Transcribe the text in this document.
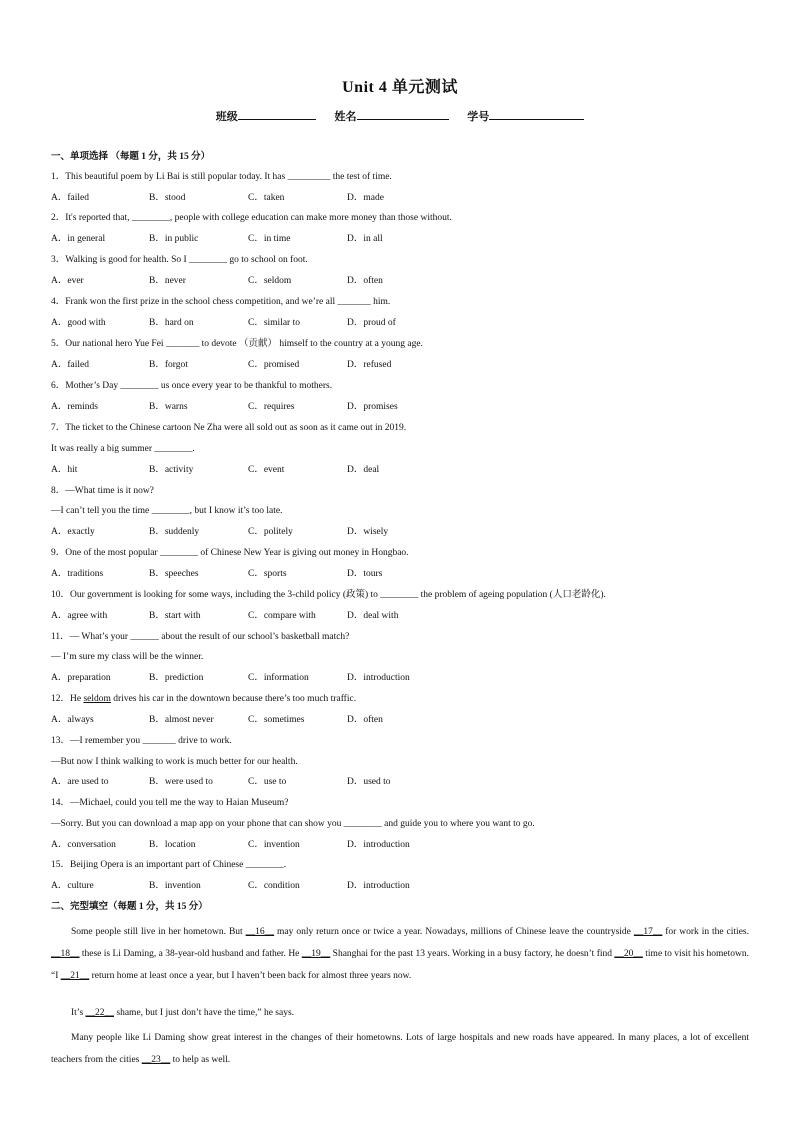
Unit 4 单元测试
班级	姓名	学号
一、单项选择 （每题 1 分，共 15 分）
1．This beautiful poem by Li Bai is still popular today. It has _________ the test of time.
A．failed	B．stood	C．taken	D．made
2．It's reported that, ________, people with college education can make more money than those without.
A．in general	B．in public	C．in time	D．in all
3．Walking is good for health. So I ________ go to school on foot.
A．ever	B．never	C．seldom	D．often
4．Frank won the first prize in the school chess competition, and we’re all _______ him.
A．good with	B．hard on	C．similar to	D．proud of
5．Our national hero Yue Fei _______ to devote （贡献） himself to the country at a young age.
A．failed	B．forgot	C．promised	D．refused
6．Mother’s Day ________ us once every year to be thankful to mothers.
A．reminds	B．warns	C．requires	D．promises
7．The ticket to the Chinese cartoon Ne Zha were all sold out as soon as it came out in 2019.
It was really a big summer ________.
A．hit	B．activity	C．event	D．deal
8．—What time is it now?
—I can’t tell you the time ________, but I know it’s too late.
A．exactly	B．suddenly	C．politely	D．wisely
9．One of the most popular ________ of Chinese New Year is giving out money in Hongbao.
A．traditions	B．speeches	C．sports	D．tours
10．Our government is looking for some ways, including the 3-child policy (政策) to ________ the problem of ageing population (人口老龄化).
A．agree with	B．start with	C．compare with	D．deal with
11．— What’s your ______ about the result of our school’s basketball match?
— I’m sure my class will be the winner.
A．preparation	B．prediction	C．information	D．introduction
12．He seldom drives his car in the downtown because there’s too much traffic.
A．always	B．almost never	C．sometimes	D．often
13．—I remember you _______ drive to work.
—But now I think walking to work is much better for our health.
A．are used to	B．were used to	C．use to	D．used to
14．—Michael, could you tell me the way to Haian Museum?
—Sorry. But you can download a map app on your phone that can show you ________ and guide you to where you want to go.
A．conversation	B．location	C．invention	D．introduction
15．Beijing Opera is an important part of Chinese ________.
A．culture	B．invention	C．condition	D．introduction
二、完型填空（每题 1 分，共 15 分）
Some people still live in her hometown. But __16__ may only return once or twice a year. Nowadays, millions of Chinese leave the countryside __17__ for work in the cities. __18__ these is Li Daming, a 38-year-old husband and father. He __19__ Shanghai for the past 13 years. Working in a busy factory, he doesn’t find __20__ time to visit his hometown. “I __21__ return home at least once a year, but I haven’t been back for almost three years now.
It’s __22__ shame, but I just don’t have the time,” he says.
Many people like Li Daming show great interest in the changes of their hometowns. Lots of large hospitals and new roads have appeared. In many places, a lot of excellent teachers from the cities __23__ to help as well.
